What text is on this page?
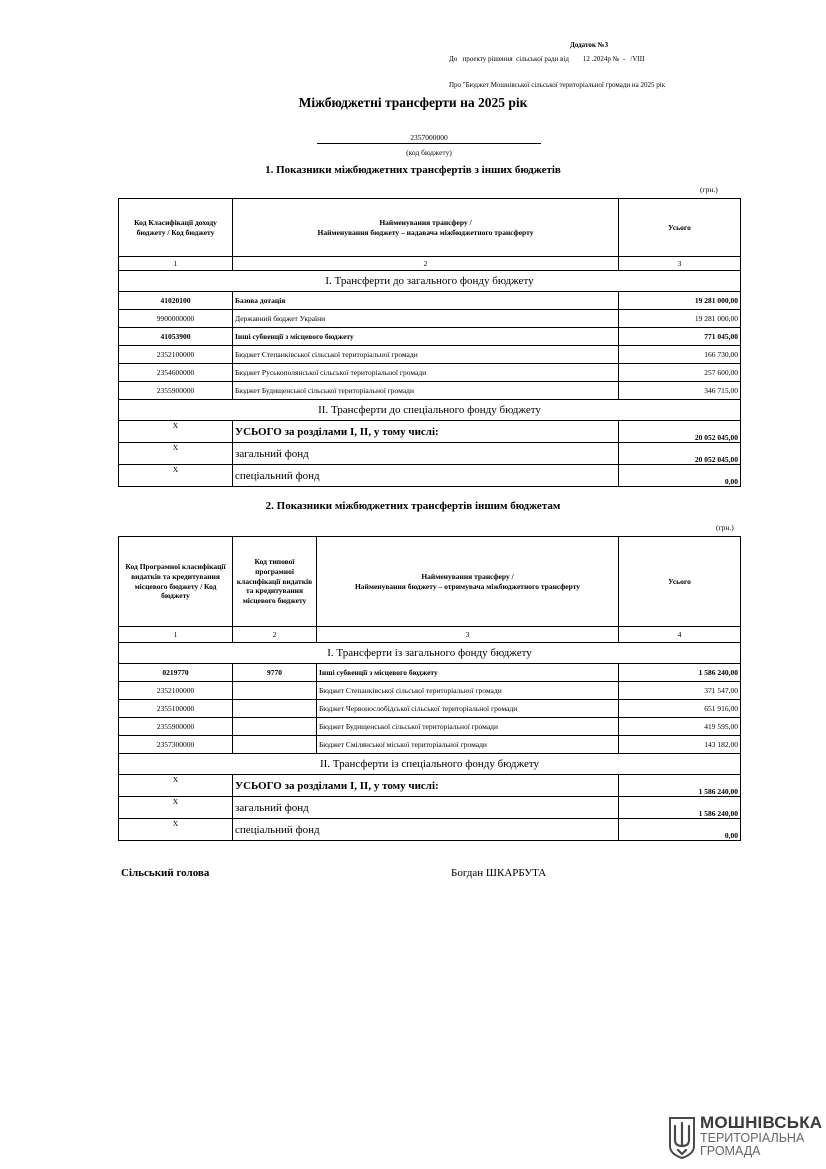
Додаток №3
До   проекту рішення  сільської ради від        12 .2024р №  -   /VIII
Про "Бюджет Мошнівської сільської територіальної громади на 2025 рік
Міжбюджетні трансферти на 2025 рік
2357000000
(код бюджету)
1. Показники міжбюджетних трансфертів з інших бюджетів
(грн.)
Код Класифікації доходу бюджету / Код бюджету	Найменування трансферу /
Найменування бюджету – надавача міжбюджетного трансферту	Усього
1	2	3
I. Трансферти до загального фонду бюджету		
41020100	Базова дотація	19 281 000,00
9900000000	Державний бюджет України	19 281 000,00
41053900	Інші субвенції з місцевого бюджету	771 045,00
2352100000	Бюджет Степанківської сільської територіальної громади	166 730,00
2354600000	Бюджет Руськополянської сільської територіальної громади	257 600,00
2355900000	Бюджет Будищенської сільської територіальної громади	346 715,00
II. Трансферти до спеціального фонду бюджету		
X	УСЬОГО за розділами I, II, у тому числі:	20 052 045,00
X	загальний фонд	20 052 045,00
X	спеціальний фонд	0,00
2. Показники міжбюджетних трансфертів іншим бюджетам
(грн.)
Код Програмної класифікації видатків та кредитування місцевого бюджету / Код бюджету	Код типової програмної класифікації видатків та кредитування місцевого бюджету	Найменування трансферу /
Найменування бюджету – отримувача міжбюджетного трансферту	Усього
1	2	3	4
I. Трансферти із загального фонду бюджету			
0219770	9770	Інші субвенції з місцевого бюджету	1 586 240,00
2352100000		Бюджет Степанківської сільської територіальної громади	371 547,00
2355100000		Бюджет Червонослобідської сільської територіальної громади	651 916,00
2355900000		Бюджет Будищенської сільської територіальної громади	419 595,00
2357300000		Бюджет Смілянської міської територіальної громади	143 182,00
II. Трансферти із спеціального фонду бюджету			
X	УСЬОГО за розділами I, II, у тому числі:		1 586 240,00
X	загальний фонд		1 586 240,00
X	спеціальний фонд		0,00
Сільський голова	Богдан ШКАРБУТА
МОШНІВСЬКА
ТЕРИТОРІАЛЬНА
ГРОМАДА
